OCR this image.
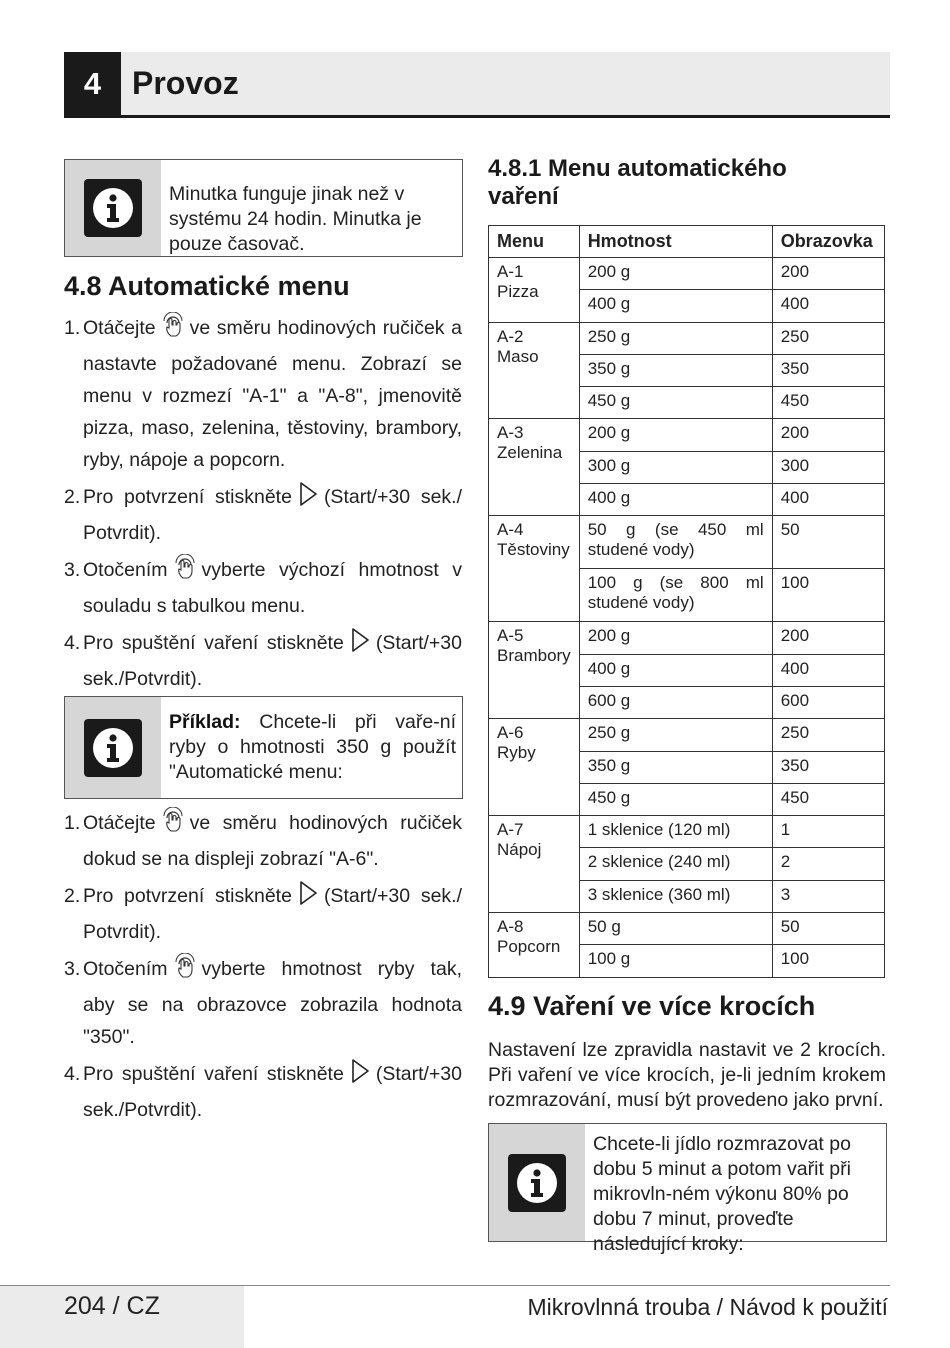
4 Provoz
Minutka funguje jinak než v systému 24 hodin. Minutka je pouze časovač.
4.8 Automatické menu
1. Otáčejte ve směru hodinových ručiček a nastavte požadované menu. Zobrazí se menu v rozmezí "A-1" a "A-8", jmenovitě pizza, maso, zelenina, těstoviny, brambory, ryby, nápoje a popcorn.
2. Pro potvrzení stiskněte (Start/+30 sek./ Potvrdit).
3. Otočením vyberte výchozí hmotnost v souladu s tabulkou menu.
4. Pro spuštění vaření stiskněte (Start/+30 sek./Potvrdit).
Příklad: Chcete-li při vaře-ní ryby o hmotnosti 350 g použít "Automatické menu:
1. Otáčejte ve směru hodinových ručiček dokud se na displeji zobrazí "A-6".
2. Pro potvrzení stiskněte (Start/+30 sek./ Potvrdit).
3. Otočením vyberte hmotnost ryby tak, aby se na obrazovce zobrazila hodnota "350".
4. Pro spuštění vaření stiskněte (Start/+30 sek./Potvrdit).
4.8.1 Menu automatického vaření
Menu	Hmotnost	Obrazovka

A-1
Pizza	200 g	200
	400 g	400

A-2
Maso	250 g	250
	350 g	350
	450 g	450

A-3
Zelenina	200 g	200
	300 g	300
	400 g	400

A-4
Těstoviny	50 g (se 450 ml studené vody)	50
	100 g (se 800 ml studené vody)	100

A-5
Brambory	200 g	200
	400 g	400
	600 g	600

A-6
Ryby	250 g	250
	350 g	350
	450 g	450

A-7
Nápoj	1 sklenice (120 ml)	1
	2 sklenice (240 ml)	2
	3 sklenice (360 ml)	3

A-8
Popcorn	50 g	50
	100 g	100
4.9 Vaření ve více krocích

Nastavení lze zpravidla nastavit ve 2 krocích. Při vaření ve více krocích, je-li jedním krokem rozmrazování, musí být provedeno jako první.

Chcete-li jídlo rozmrazovat po dobu 5 minut a potom vařit při mikrovln-ném výkonu 80% po dobu 7 minut, proveďte následující kroky:
204 / CZ	Mikrovlnná trouba / Návod k použití
